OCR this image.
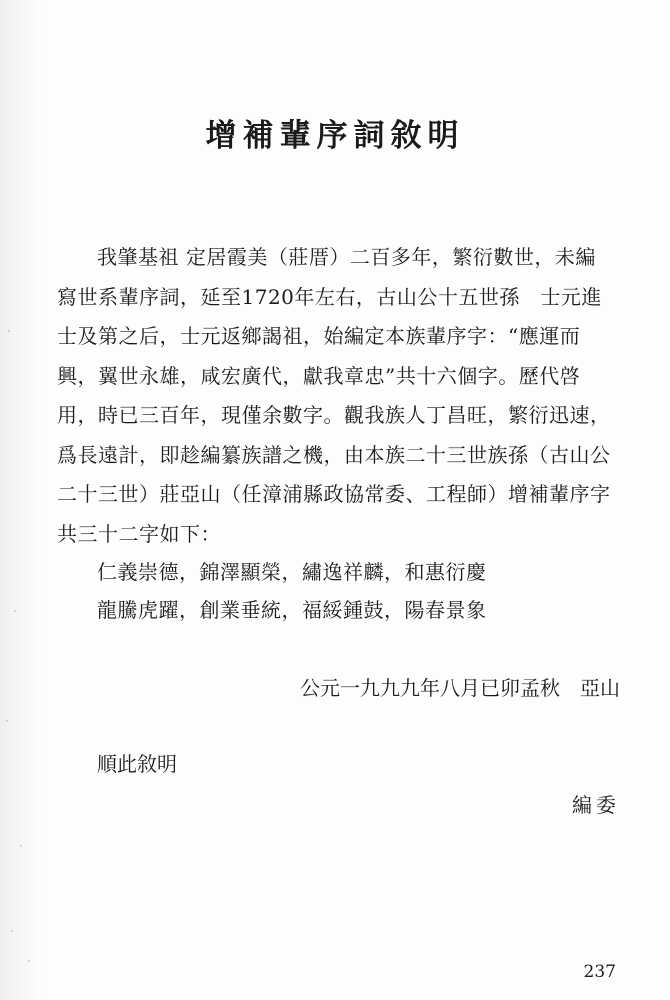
增補輩序詞敘明
我肇基祖 定居霞美（莊厝）二百多年，繁衍數世，未編
寫世系輩序詞，延至1720年左右，古山公十五世孫　士元進
士及第之后，士元返鄉謁祖，始編定本族輩序字：“應運而
興，翼世永雄，咸宏廣代，獻我章忠”共十六個字。歷代啓
用，時已三百年，現僅余數字。觀我族人丁昌旺，繁衍迅速，
爲長遠計，即趁編纂族譜之機，由本族二十三世族孫（古山公
二十三世）莊亞山（任漳浦縣政協常委、工程師）增補輩序字
共三十二字如下：
仁義崇德，錦澤顯榮，繡逸祥麟，和惠衍慶
龍騰虎躍，創業垂統，福綏鍾鼓，陽春景象
公元一九九九年八月已卯孟秋　亞山
順此敘明
編委
237
